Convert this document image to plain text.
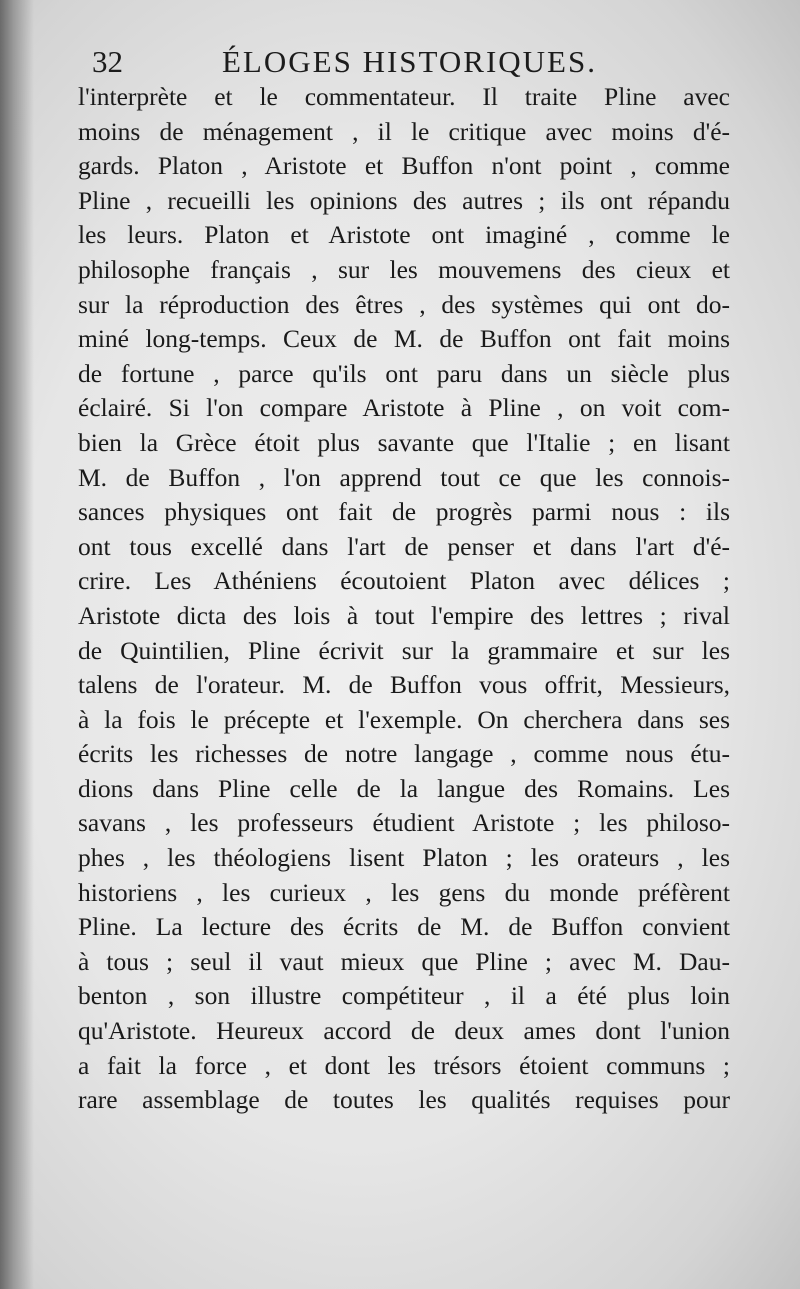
32	ÉLOGES HISTORIQUES.
l'interprète et le commentateur. Il traite Pline avec
moins de ménagement , il le critique avec moins d'é-
gards. Platon , Aristote et Buffon n'ont point , comme
Pline , recueilli les opinions des autres ; ils ont répandu
les leurs. Platon et Aristote ont imaginé , comme le
philosophe français , sur les mouvemens des cieux et
sur la réproduction des êtres , des systèmes qui ont do-
miné long-temps. Ceux de M. de Buffon ont fait moins
de fortune , parce qu'ils ont paru dans un siècle plus
éclairé. Si l'on compare Aristote à Pline , on voit com-
bien la Grèce étoit plus savante que l'Italie ; en lisant
M. de Buffon , l'on apprend tout ce que les connois-
sances physiques ont fait de progrès parmi nous : ils
ont tous excellé dans l'art de penser et dans l'art d'é-
crire. Les Athéniens écoutoient Platon avec délices ;
Aristote dicta des lois à tout l'empire des lettres ; rival
de Quintilien, Pline écrivit sur la grammaire et sur les
talens de l'orateur. M. de Buffon vous offrit, Messieurs,
à la fois le précepte et l'exemple. On cherchera dans ses
écrits les richesses de notre langage , comme nous étu-
dions dans Pline celle de la langue des Romains. Les
savans , les professeurs étudient Aristote ; les philoso-
phes , les théologiens lisent Platon ; les orateurs , les
historiens , les curieux , les gens du monde préfèrent
Pline. La lecture des écrits de M. de Buffon convient
à tous ; seul il vaut mieux que Pline ; avec M. Dau-
benton , son illustre compétiteur , il a été plus loin
qu'Aristote. Heureux accord de deux ames dont l'union
a fait la force , et dont les trésors étoient communs ;
rare assemblage de toutes les qualités requises pour
